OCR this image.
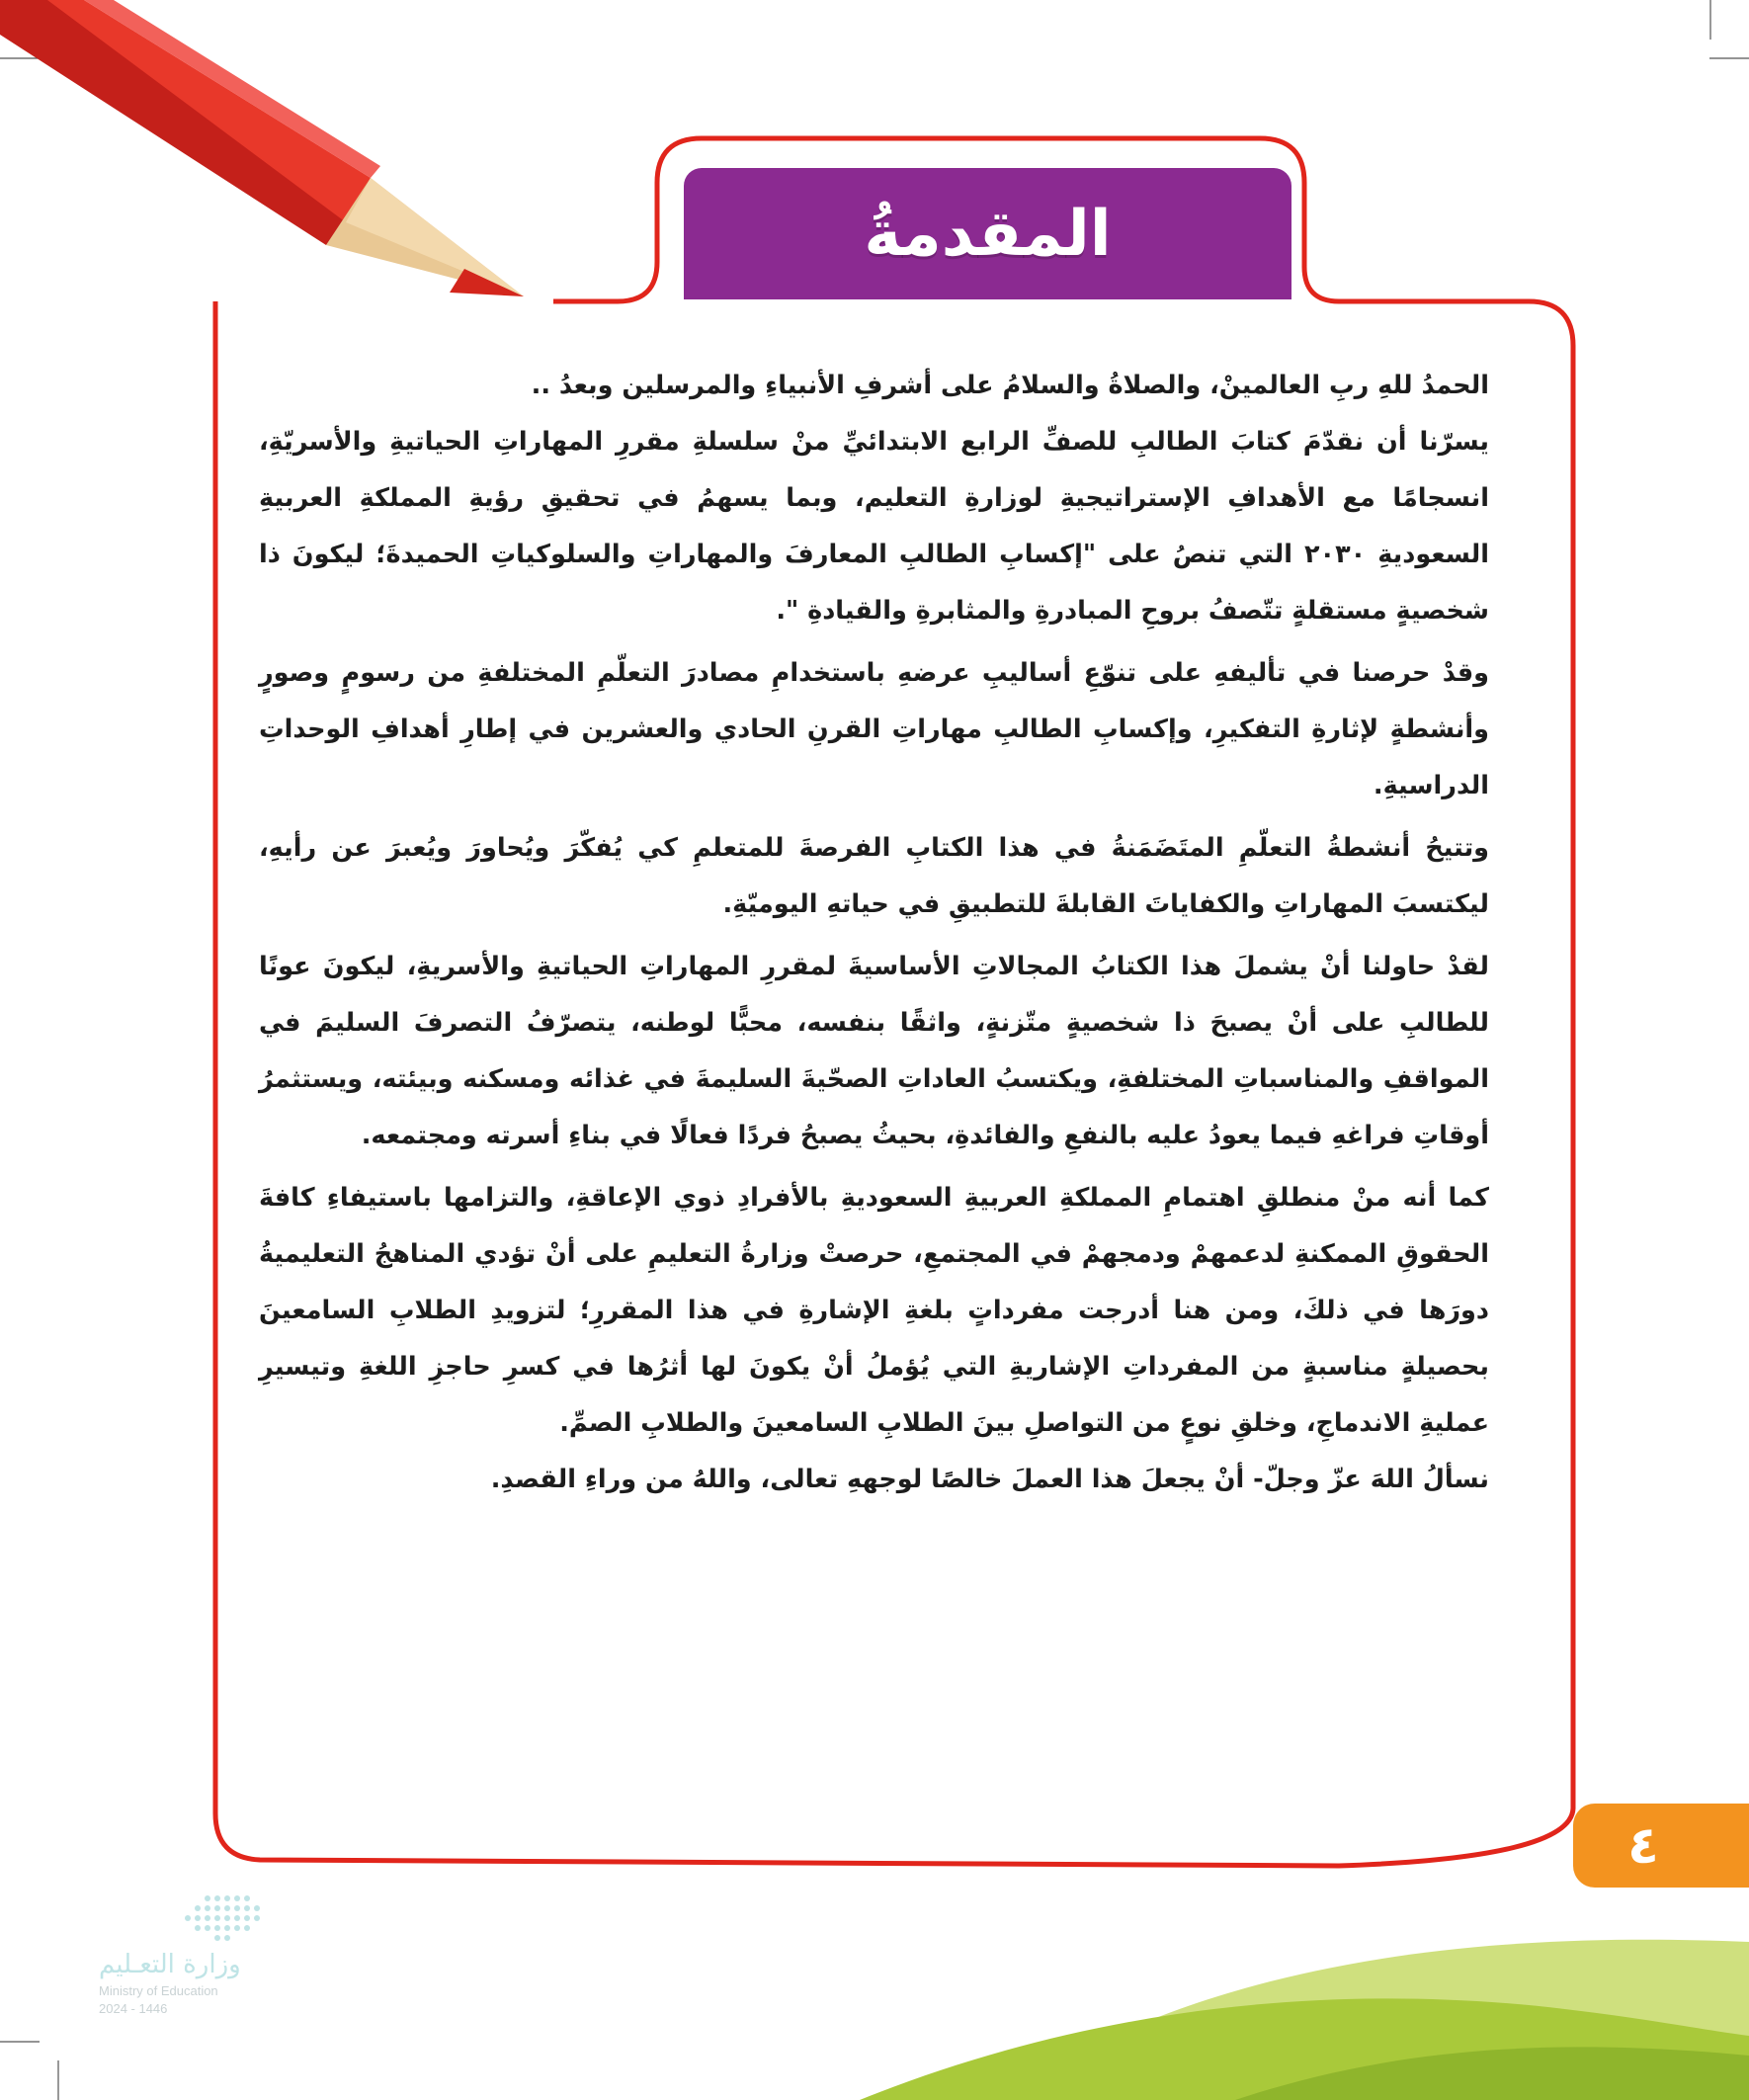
المقدمةُ

الحمدُ للهِ ربِ العالمينْ، والصلاةُ والسلامُ على أشرفِ الأنبياءِ والمرسلين وبعدُ ..

يسرّنا أن نقدّمَ كتابَ الطالبِ للصفِّ الرابع الابتدائيِّ منْ سلسلةِ مقررِ المهاراتِ الحياتيةِ والأسريّةِ، انسجامًا مع الأهدافِ الإستراتيجيةِ لوزارةِ التعليم، وبما يسهمُ في تحقيقِ رؤيةِ المملكةِ العربيةِ السعوديةِ ٢٠٣٠ التي تنصُ على "إكسابِ الطالبِ المعارفَ والمهاراتِ والسلوكياتِ الحميدةَ؛ ليكونَ ذا شخصيةٍ مستقلةٍ تتّصفُ بروحِ المبادرةِ والمثابرةِ والقيادةِ ".

وقدْ حرصنا في تأليفهِ على تنوّعِ أساليبِ عرضهِ باستخدامِ مصادرَ التعلّمِ المختلفةِ من رسومٍ وصورٍ وأنشطةٍ لإثارةِ التفكيرِ، وإكسابِ الطالبِ مهاراتِ القرنِ الحادي والعشرين في إطارِ أهدافِ الوحداتِ الدراسيةِ.

وتتيحُ أنشطةُ التعلّمِ المتَضَمَنةُ في هذا الكتابِ الفرصةَ للمتعلمِ كي يُفكّرَ ويُحاورَ ويُعبرَ عن رأيهِ، ليكتسبَ المهاراتِ والكفاياتَ القابلةَ للتطبيقِ في حياتهِ اليوميّةِ.

لقدْ حاولنا أنْ يشملَ هذا الكتابُ المجالاتِ الأساسيةَ لمقررِ المهاراتِ الحياتيةِ والأسريةِ، ليكونَ عونًا للطالبِ على أنْ يصبحَ ذا شخصيةٍ متّزنةٍ، واثقًا بنفسه، محبًّا لوطنه، يتصرّفُ التصرفَ السليمَ في المواقفِ والمناسباتِ المختلفةِ، ويكتسبُ العاداتِ الصحّيةَ السليمةَ في غذائه ومسكنه وبيئته، ويستثمرُ أوقاتِ فراغهِ فيما يعودُ عليه بالنفعِ والفائدةِ، بحيثُ يصبحُ فردًا فعالًا في بناءِ أسرته ومجتمعه.

كما أنه منْ منطلقِ اهتمامِ المملكةِ العربيةِ السعوديةِ بالأفرادِ ذوي الإعاقةِ، والتزامها باستيفاءِ كافةَ الحقوقِ الممكنةِ لدعمهمْ ودمجهمْ في المجتمعِ، حرصتْ وزارةُ التعليمِ على أنْ تؤدي المناهجُ التعليميةُ دورَها في ذلكَ، ومن هنا أدرجت مفرداتٍ بلغةِ الإشارةِ في هذا المقررِ؛ لتزويدِ الطلابِ السامعينَ بحصيلةٍ مناسبةٍ من المفرداتِ الإشاريةِ التي يُؤملُ أنْ يكونَ لها أثرُها في كسرِ حاجزِ اللغةِ وتيسيرِ عمليةِ الاندماجِ، وخلقِ نوعٍ من التواصلِ بينَ الطلابِ السامعينَ والطلابِ الصمِّ.

نسألُ اللهَ عزّ وجلّ- أنْ يجعلَ هذا العملَ خالصًا لوجههِ تعالى، واللهُ من وراءِ القصدِ.

٤
وزارة التعـليم
Ministry of Education
2024 - 1446
